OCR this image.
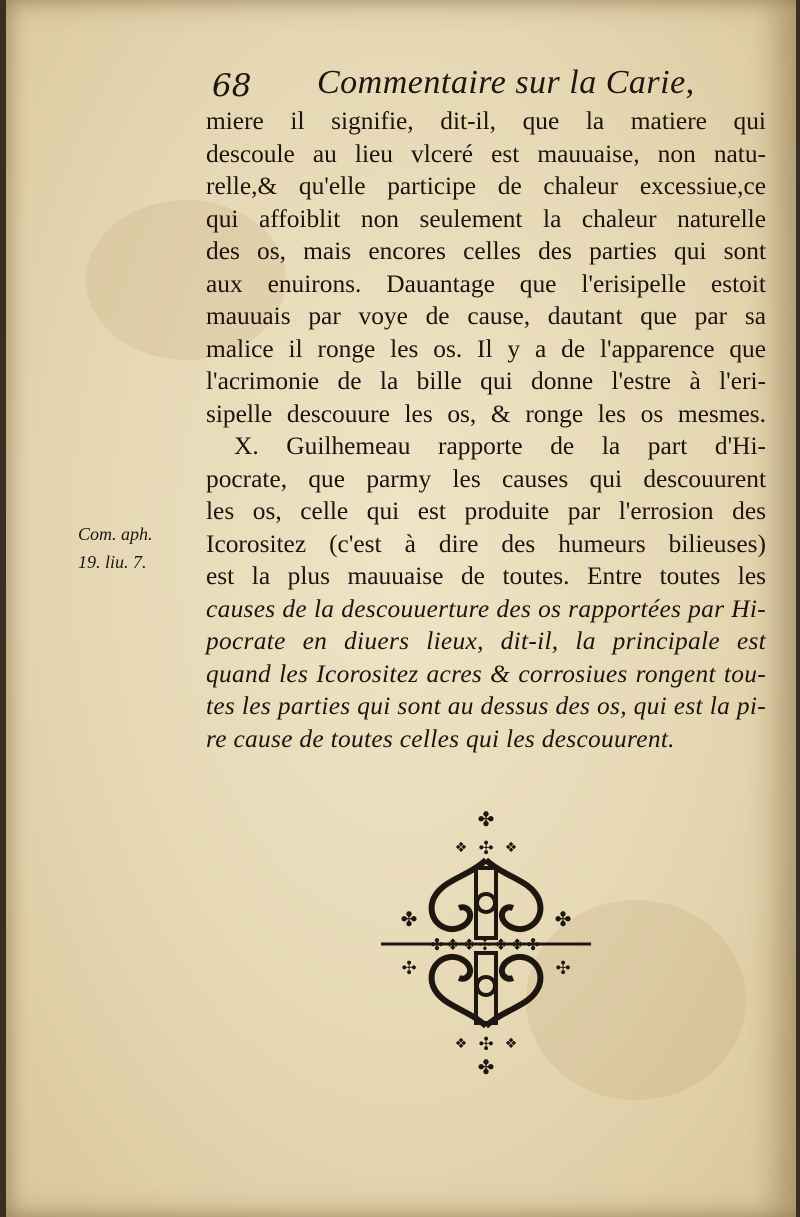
68 Commentaire sur la Carie,
Com. aph.
19. liu. 7.
miere il signifie, dit-il, que la matiere qui
descoule au lieu vlceré est mauuaise, non natu-
relle,& qu'elle participe de chaleur excessiue,ce
qui affoiblit non seulement la chaleur naturelle
des os, mais encores celles des parties qui sont
aux enuirons. Dauantage que l'erisipelle estoit
mauuais par voye de cause, dautant que par sa
malice il ronge les os. Il y a de l'apparence que
l'acrimonie de la bille qui donne l'estre à l'eri-
sipelle descouure les os, & ronge les os mesmes.
X. Guilhemeau rapporte de la part d'Hi-
pocrate, que parmy les causes qui descouurent
les os, celle qui est produite par l'errosion des
Icorositez (c'est à dire des humeurs bilieuses)
est la plus mauuaise de toutes. Entre toutes les
causes de la descouuerture des os rapportées par Hi-
pocrate en diuers lieux, dit-il, la principale est
quand les Icorositez acres & corrosiues rongent tou-
tes les parties qui sont au dessus des os, qui est la pi-
re cause de toutes celles qui les descouurent.
✤
✣
❖	❖
✤	✤
✤❖❖✣❖❖✤
✣	✣
✣
❖	❖
✤
